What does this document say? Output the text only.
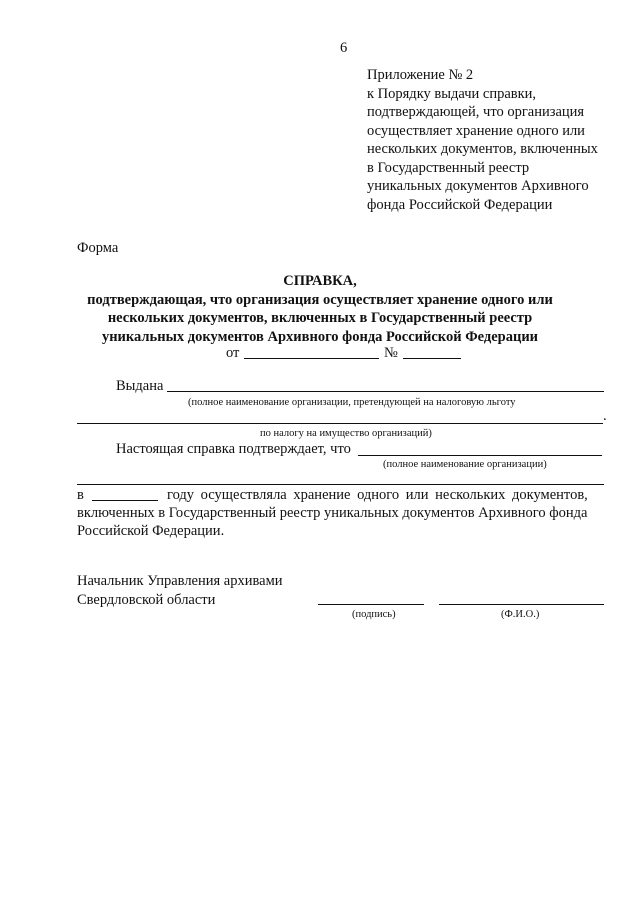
6
Приложение № 2
к Порядку выдачи справки,
подтверждающей, что организация
осуществляет хранение одного или
нескольких документов, включенных
в Государственный реестр
уникальных документов Архивного
фонда Российской Федерации
Форма
СПРАВКА,
подтверждающая, что организация осуществляет хранение одного или
нескольких документов, включенных в Государственный реестр
уникальных документов Архивного фонда Российской Федерации
от	№
Выдана
(полное наименование организации, претендующей на налоговую льготу
.
по налогу на имущество организаций)
Настоящая справка подтверждает, что
(полное наименование организации)
в	году осуществляла хранение одного или нескольких документов,
включенных в Государственный реестр уникальных документов Архивного фонда
Российской Федерации.
Начальник Управления архивами
Свердловской области
(подпись)	(Ф.И.О.)
